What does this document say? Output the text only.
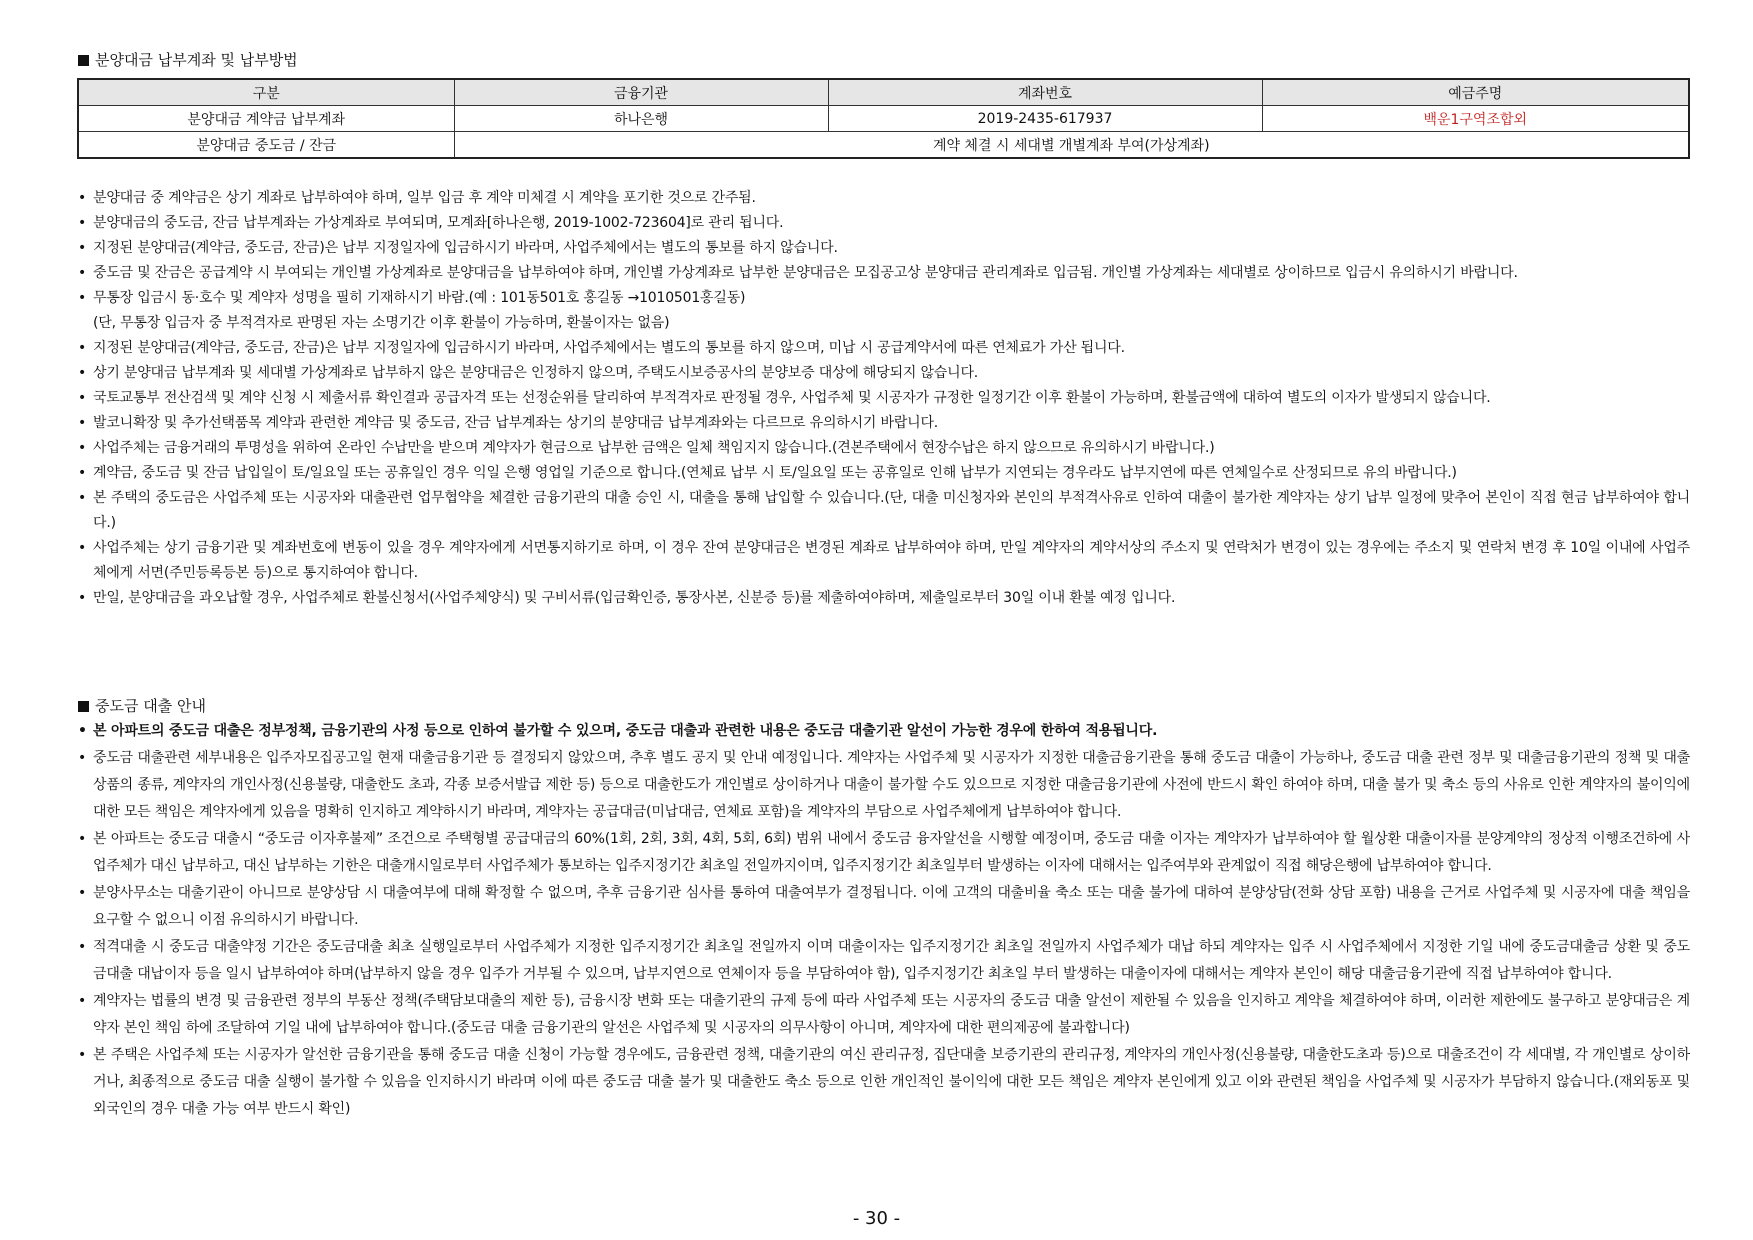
분양대금 납부계좌 및 납부방법
구분	금융기관	계좌번호	예금주명
분양대금 계약금 납부계좌	하나은행	2019-2435-617937	백운1구역조합외
분양대금 중도금 / 잔금	계약 체결 시 세대별 개별계좌 부여(가상계좌)		
• 분양대금 중 계약금은 상기 계좌로 납부하여야 하며, 일부 입금 후 계약 미체결 시 계약을 포기한 것으로 간주됨.
• 분양대금의 중도금, 잔금 납부계좌는 가상계좌로 부여되며, 모계좌[하나은행, 2019-1002-723604]로 관리 됩니다.
• 지정된 분양대금(계약금, 중도금, 잔금)은 납부 지정일자에 입금하시기 바라며, 사업주체에서는 별도의 통보를 하지 않습니다.
• 중도금 및 잔금은 공급계약 시 부여되는 개인별 가상계좌로 분양대금을 납부하여야 하며, 개인별 가상계좌로 납부한 분양대금은 모집공고상 분양대금 관리계좌로 입금됨. 개인별 가상계좌는 세대별로 상이하므로 입금시 유의하시기 바랍니다.
• 무통장 입금시 동·호수 및 계약자 성명을 필히 기재하시기 바람.(예 : 101동501호 홍길동 →1010501홍길동)
(단, 무통장 입금자 중 부적격자로 판명된 자는 소명기간 이후 환불이 가능하며, 환불이자는 없음)
• 지정된 분양대금(계약금, 중도금, 잔금)은 납부 지정일자에 입금하시기 바라며, 사업주체에서는 별도의 통보를 하지 않으며, 미납 시 공급계약서에 따른 연체료가 가산 됩니다.
• 상기 분양대금 납부계좌 및 세대별 가상계좌로 납부하지 않은 분양대금은 인정하지 않으며, 주택도시보증공사의 분양보증 대상에 해당되지 않습니다.
• 국토교통부 전산검색 및 계약 신청 시 제출서류 확인결과 공급자격 또는 선정순위를 달리하여 부적격자로 판정될 경우, 사업주체 및 시공자가 규정한 일정기간 이후 환불이 가능하며, 환불금액에 대하여 별도의 이자가 발생되지 않습니다.
• 발코니확장 및 추가선택품목 계약과 관련한 계약금 및 중도금, 잔금 납부계좌는 상기의 분양대금 납부계좌와는 다르므로 유의하시기 바랍니다.
• 사업주체는 금융거래의 투명성을 위하여 온라인 수납만을 받으며 계약자가 현금으로 납부한 금액은 일체 책임지지 않습니다.(견본주택에서 현장수납은 하지 않으므로 유의하시기 바랍니다.)
• 계약금, 중도금 및 잔금 납입일이 토/일요일 또는 공휴일인 경우 익일 은행 영업일 기준으로 합니다.(연체료 납부 시 토/일요일 또는 공휴일로 인해 납부가 지연되는 경우라도 납부지연에 따른 연체일수로 산정되므로 유의 바랍니다.)
• 본 주택의 중도금은 사업주체 또는 시공자와 대출관련 업무협약을 체결한 금융기관의 대출 승인 시, 대출을 통해 납입할 수 있습니다.(단, 대출 미신청자와 본인의 부적격사유로 인하여 대출이 불가한 계약자는 상기 납부 일정에 맞추어 본인이 직접 현금 납부하여야 합니다.)
• 사업주체는 상기 금융기관 및 계좌번호에 변동이 있을 경우 계약자에게 서면통지하기로 하며, 이 경우 잔여 분양대금은 변경된 계좌로 납부하여야 하며, 만일 계약자의 계약서상의 주소지 및 연락처가 변경이 있는 경우에는 주소지 및 연락처 변경 후 10일 이내에 사업주체에게 서면(주민등록등본 등)으로 통지하여야 합니다.
• 만일, 분양대금을 과오납할 경우, 사업주체로 환불신청서(사업주체양식) 및 구비서류(입금확인증, 통장사본, 신분증 등)를 제출하여야하며, 제출일로부터 30일 이내 환불 예정 입니다.
중도금 대출 안내
• 본 아파트의 중도금 대출은 정부정책, 금융기관의 사정 등으로 인하여 불가할 수 있으며, 중도금 대출과 관련한 내용은 중도금 대출기관 알선이 가능한 경우에 한하여 적용됩니다.
• 중도금 대출관련 세부내용은 입주자모집공고일 현재 대출금융기관 등 결정되지 않았으며, 추후 별도 공지 및 안내 예정입니다. 계약자는 사업주체 및 시공자가 지정한 대출금융기관을 통해 중도금 대출이 가능하나, 중도금 대출 관련 정부 및 대출금융기관의 정책 및 대출상품의 종류, 계약자의 개인사정(신용불량, 대출한도 초과, 각종 보증서발급 제한 등) 등으로 대출한도가 개인별로 상이하거나 대출이 불가할 수도 있으므로 지정한 대출금융기관에 사전에 반드시 확인 하여야 하며, 대출 불가 및 축소 등의 사유로 인한 계약자의 불이익에 대한 모든 책임은 계약자에게 있음을 명확히 인지하고 계약하시기 바라며, 계약자는 공급대금(미납대금, 연체료 포함)을 계약자의 부담으로 사업주체에게 납부하여야 합니다.
• 본 아파트는 중도금 대출시 “중도금 이자후불제” 조건으로 주택형별 공급대금의 60%(1회, 2회, 3회, 4회, 5회, 6회) 범위 내에서 중도금 융자알선을 시행할 예정이며, 중도금 대출 이자는 계약자가 납부하여야 할 월상환 대출이자를 분양계약의 정상적 이행조건하에 사업주체가 대신 납부하고, 대신 납부하는 기한은 대출개시일로부터 사업주체가 통보하는 입주지정기간 최초일 전일까지이며, 입주지정기간 최초일부터 발생하는 이자에 대해서는 입주여부와 관계없이 직접 해당은행에 납부하여야 합니다.
• 분양사무소는 대출기관이 아니므로 분양상담 시 대출여부에 대해 확정할 수 없으며, 추후 금융기관 심사를 통하여 대출여부가 결정됩니다. 이에 고객의 대출비율 축소 또는 대출 불가에 대하여 분양상담(전화 상담 포함) 내용을 근거로 사업주체 및 시공자에 대출 책임을 요구할 수 없으니 이점 유의하시기 바랍니다.
• 적격대출 시 중도금 대출약정 기간은 중도금대출 최초 실행일로부터 사업주체가 지정한 입주지정기간 최초일 전일까지 이며 대출이자는 입주지정기간 최초일 전일까지 사업주체가 대납 하되 계약자는 입주 시 사업주체에서 지정한 기일 내에 중도금대출금 상환 및 중도금대출 대납이자 등을 일시 납부하여야 하며(납부하지 않을 경우 입주가 거부될 수 있으며, 납부지연으로 연체이자 등을 부담하여야 함), 입주지정기간 최초일 부터 발생하는 대출이자에 대해서는 계약자 본인이 해당 대출금융기관에 직접 납부하여야 합니다.
• 계약자는 법률의 변경 및 금융관련 정부의 부동산 정책(주택담보대출의 제한 등), 금융시장 변화 또는 대출기관의 규제 등에 따라 사업주체 또는 시공자의 중도금 대출 알선이 제한될 수 있음을 인지하고 계약을 체결하여야 하며, 이러한 제한에도 불구하고 분양대금은 계약자 본인 책임 하에 조달하여 기일 내에 납부하여야 합니다.(중도금 대출 금융기관의 알선은 사업주체 및 시공자의 의무사항이 아니며, 계약자에 대한 편의제공에 불과합니다)
• 본 주택은 사업주체 또는 시공자가 알선한 금융기관을 통해 중도금 대출 신청이 가능할 경우에도, 금융관련 정책, 대출기관의 여신 관리규정, 집단대출 보증기관의 관리규정, 계약자의 개인사정(신용불량, 대출한도초과 등)으로 대출조건이 각 세대별, 각 개인별로 상이하거나, 최종적으로 중도금 대출 실행이 불가할 수 있음을 인지하시기 바라며 이에 따른 중도금 대출 불가 및 대출한도 축소 등으로 인한 개인적인 불이익에 대한 모든 책임은 계약자 본인에게 있고 이와 관련된 책임을 사업주체 및 시공자가 부담하지 않습니다.(재외동포 및 외국인의 경우 대출 가능 여부 반드시 확인)
- 30 -
